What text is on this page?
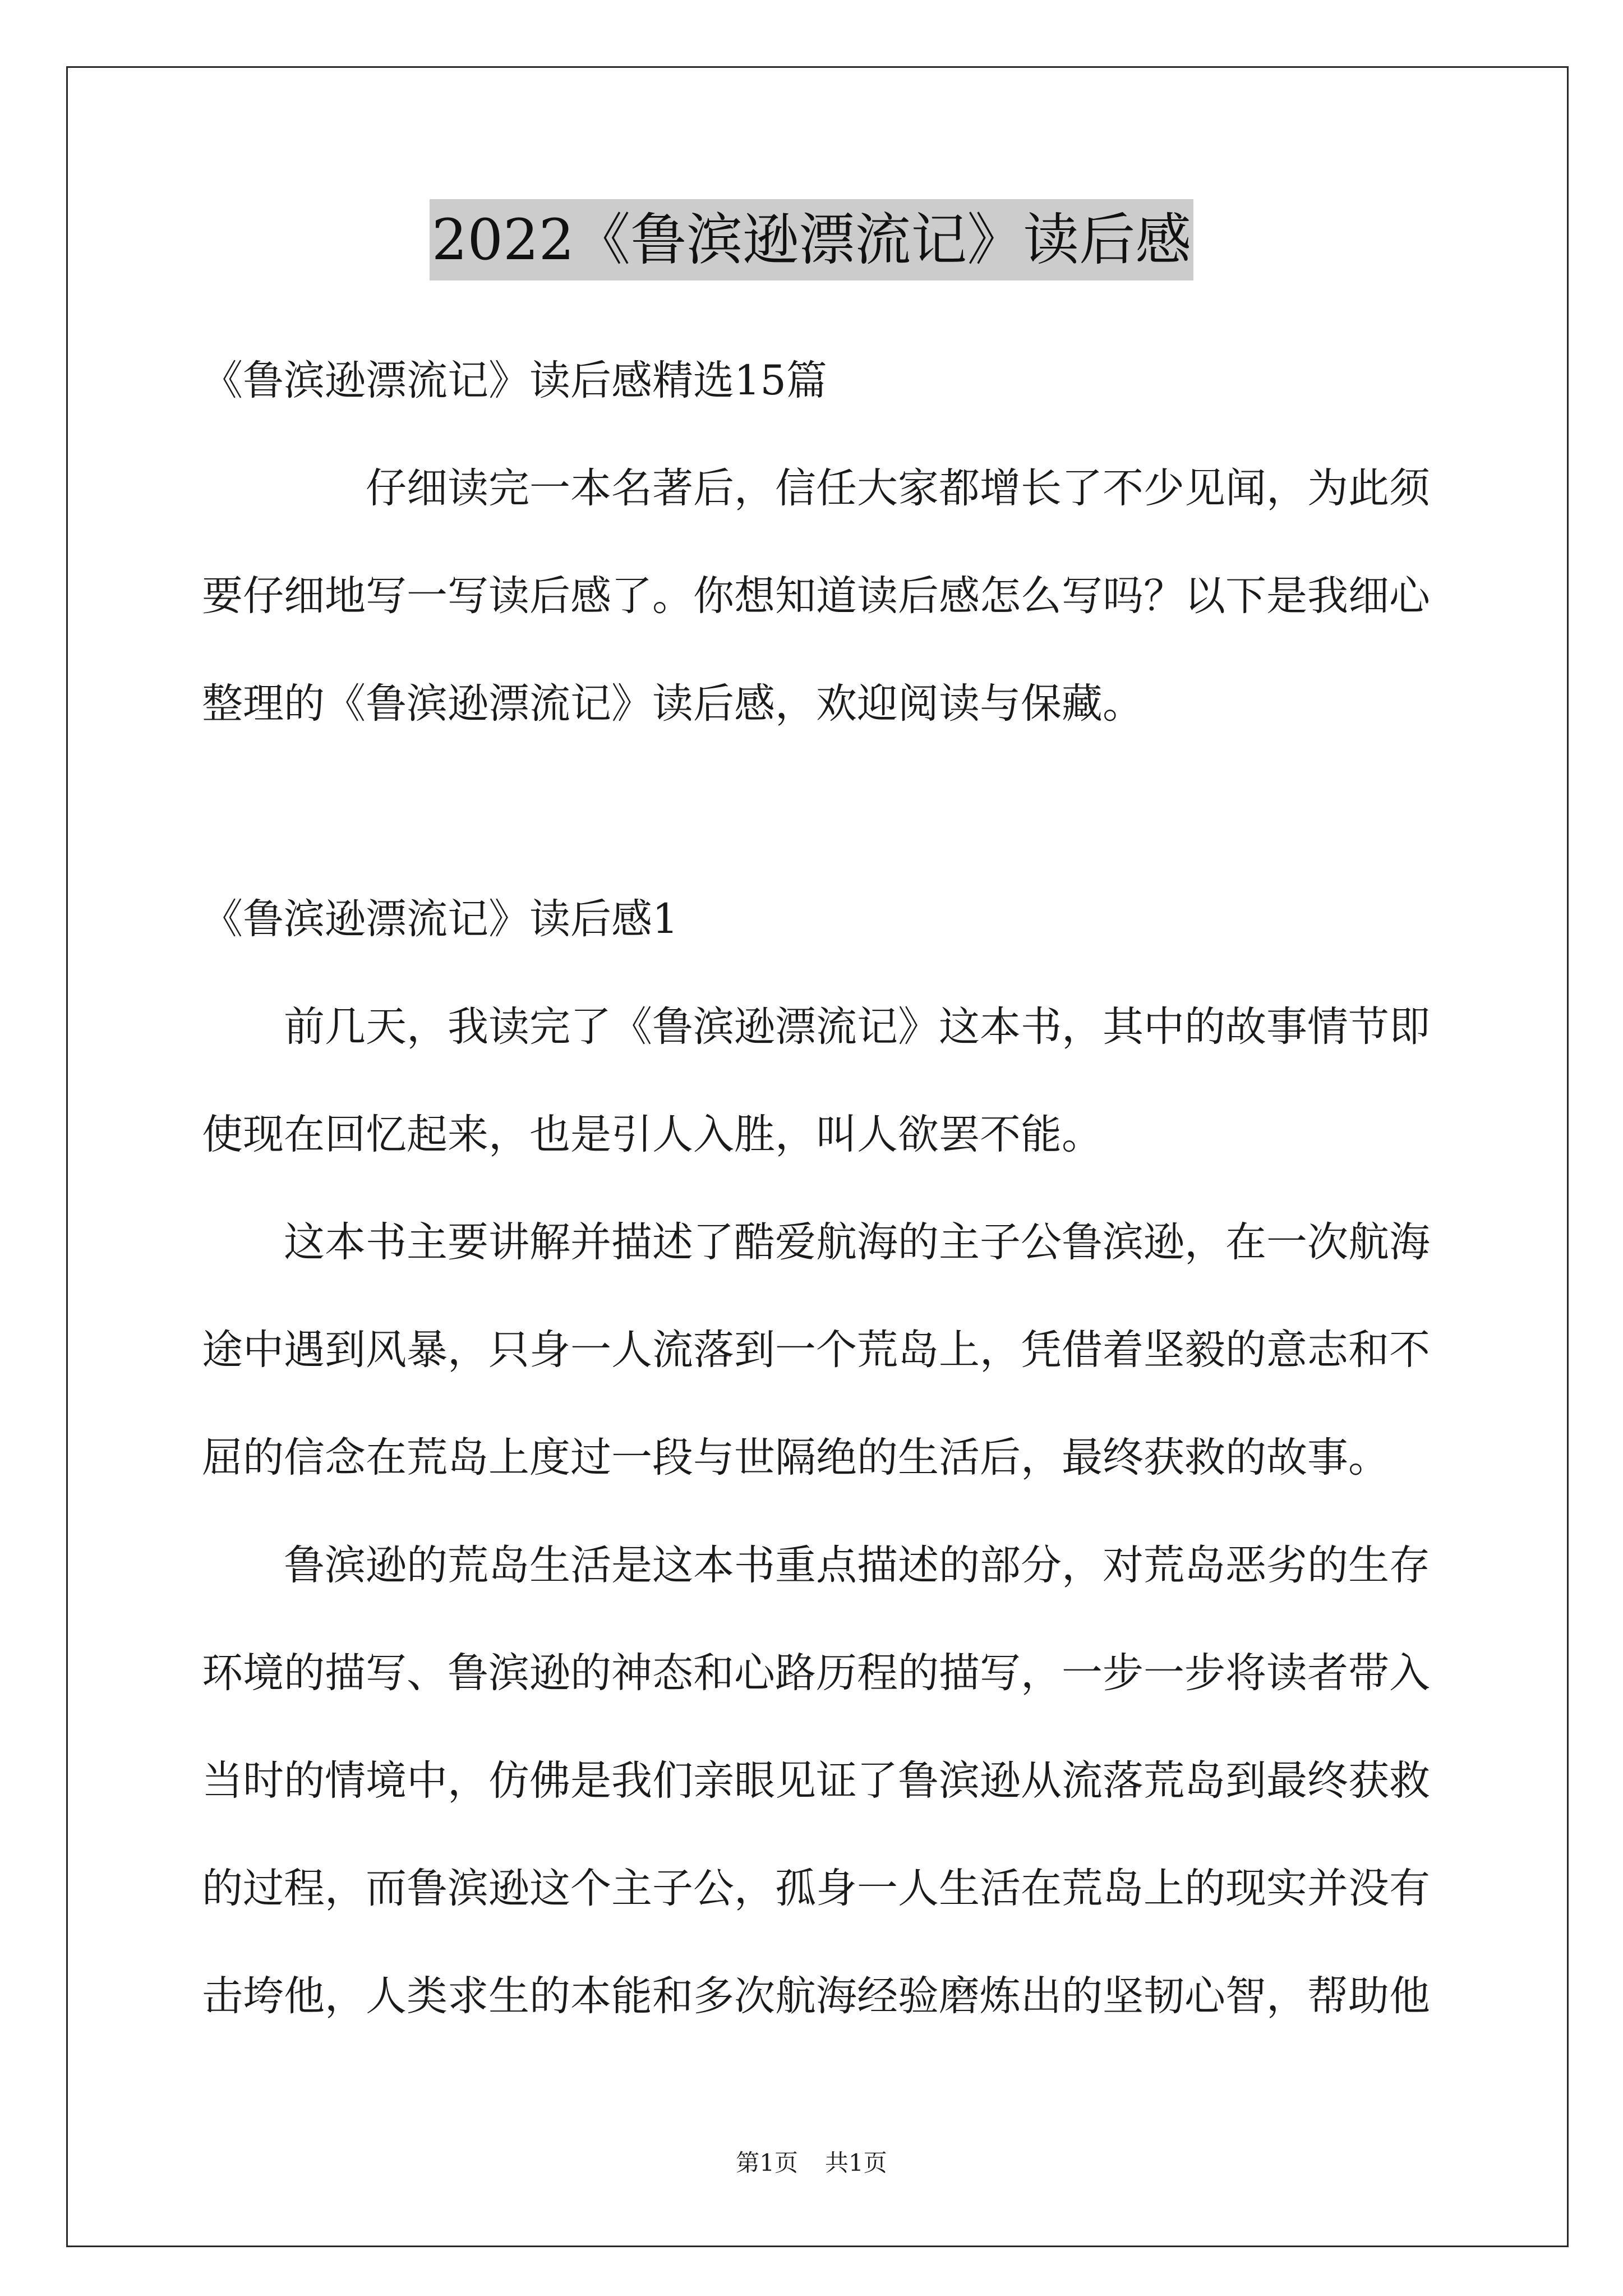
2022《鲁滨逊漂流记》读后感
《鲁滨逊漂流记》读后感精选15篇
仔细读完一本名著后，信任大家都增长了不少见闻，为此须
要仔细地写一写读后感了。你想知道读后感怎么写吗？以下是我细心
整理的《鲁滨逊漂流记》读后感，欢迎阅读与保藏。
《鲁滨逊漂流记》读后感1
前几天，我读完了《鲁滨逊漂流记》这本书，其中的故事情节即
使现在回忆起来，也是引人入胜，叫人欲罢不能。
这本书主要讲解并描述了酷爱航海的主子公鲁滨逊，在一次航海
途中遇到风暴，只身一人流落到一个荒岛上，凭借着坚毅的意志和不
屈的信念在荒岛上度过一段与世隔绝的生活后，最终获救的故事。
鲁滨逊的荒岛生活是这本书重点描述的部分，对荒岛恶劣的生存
环境的描写、鲁滨逊的神态和心路历程的描写，一步一步将读者带入
当时的情境中，仿佛是我们亲眼见证了鲁滨逊从流落荒岛到最终获救
的过程，而鲁滨逊这个主子公，孤身一人生活在荒岛上的现实并没有
击垮他，人类求生的本能和多次航海经验磨炼出的坚韧心智，帮助他
第1页 共1页
